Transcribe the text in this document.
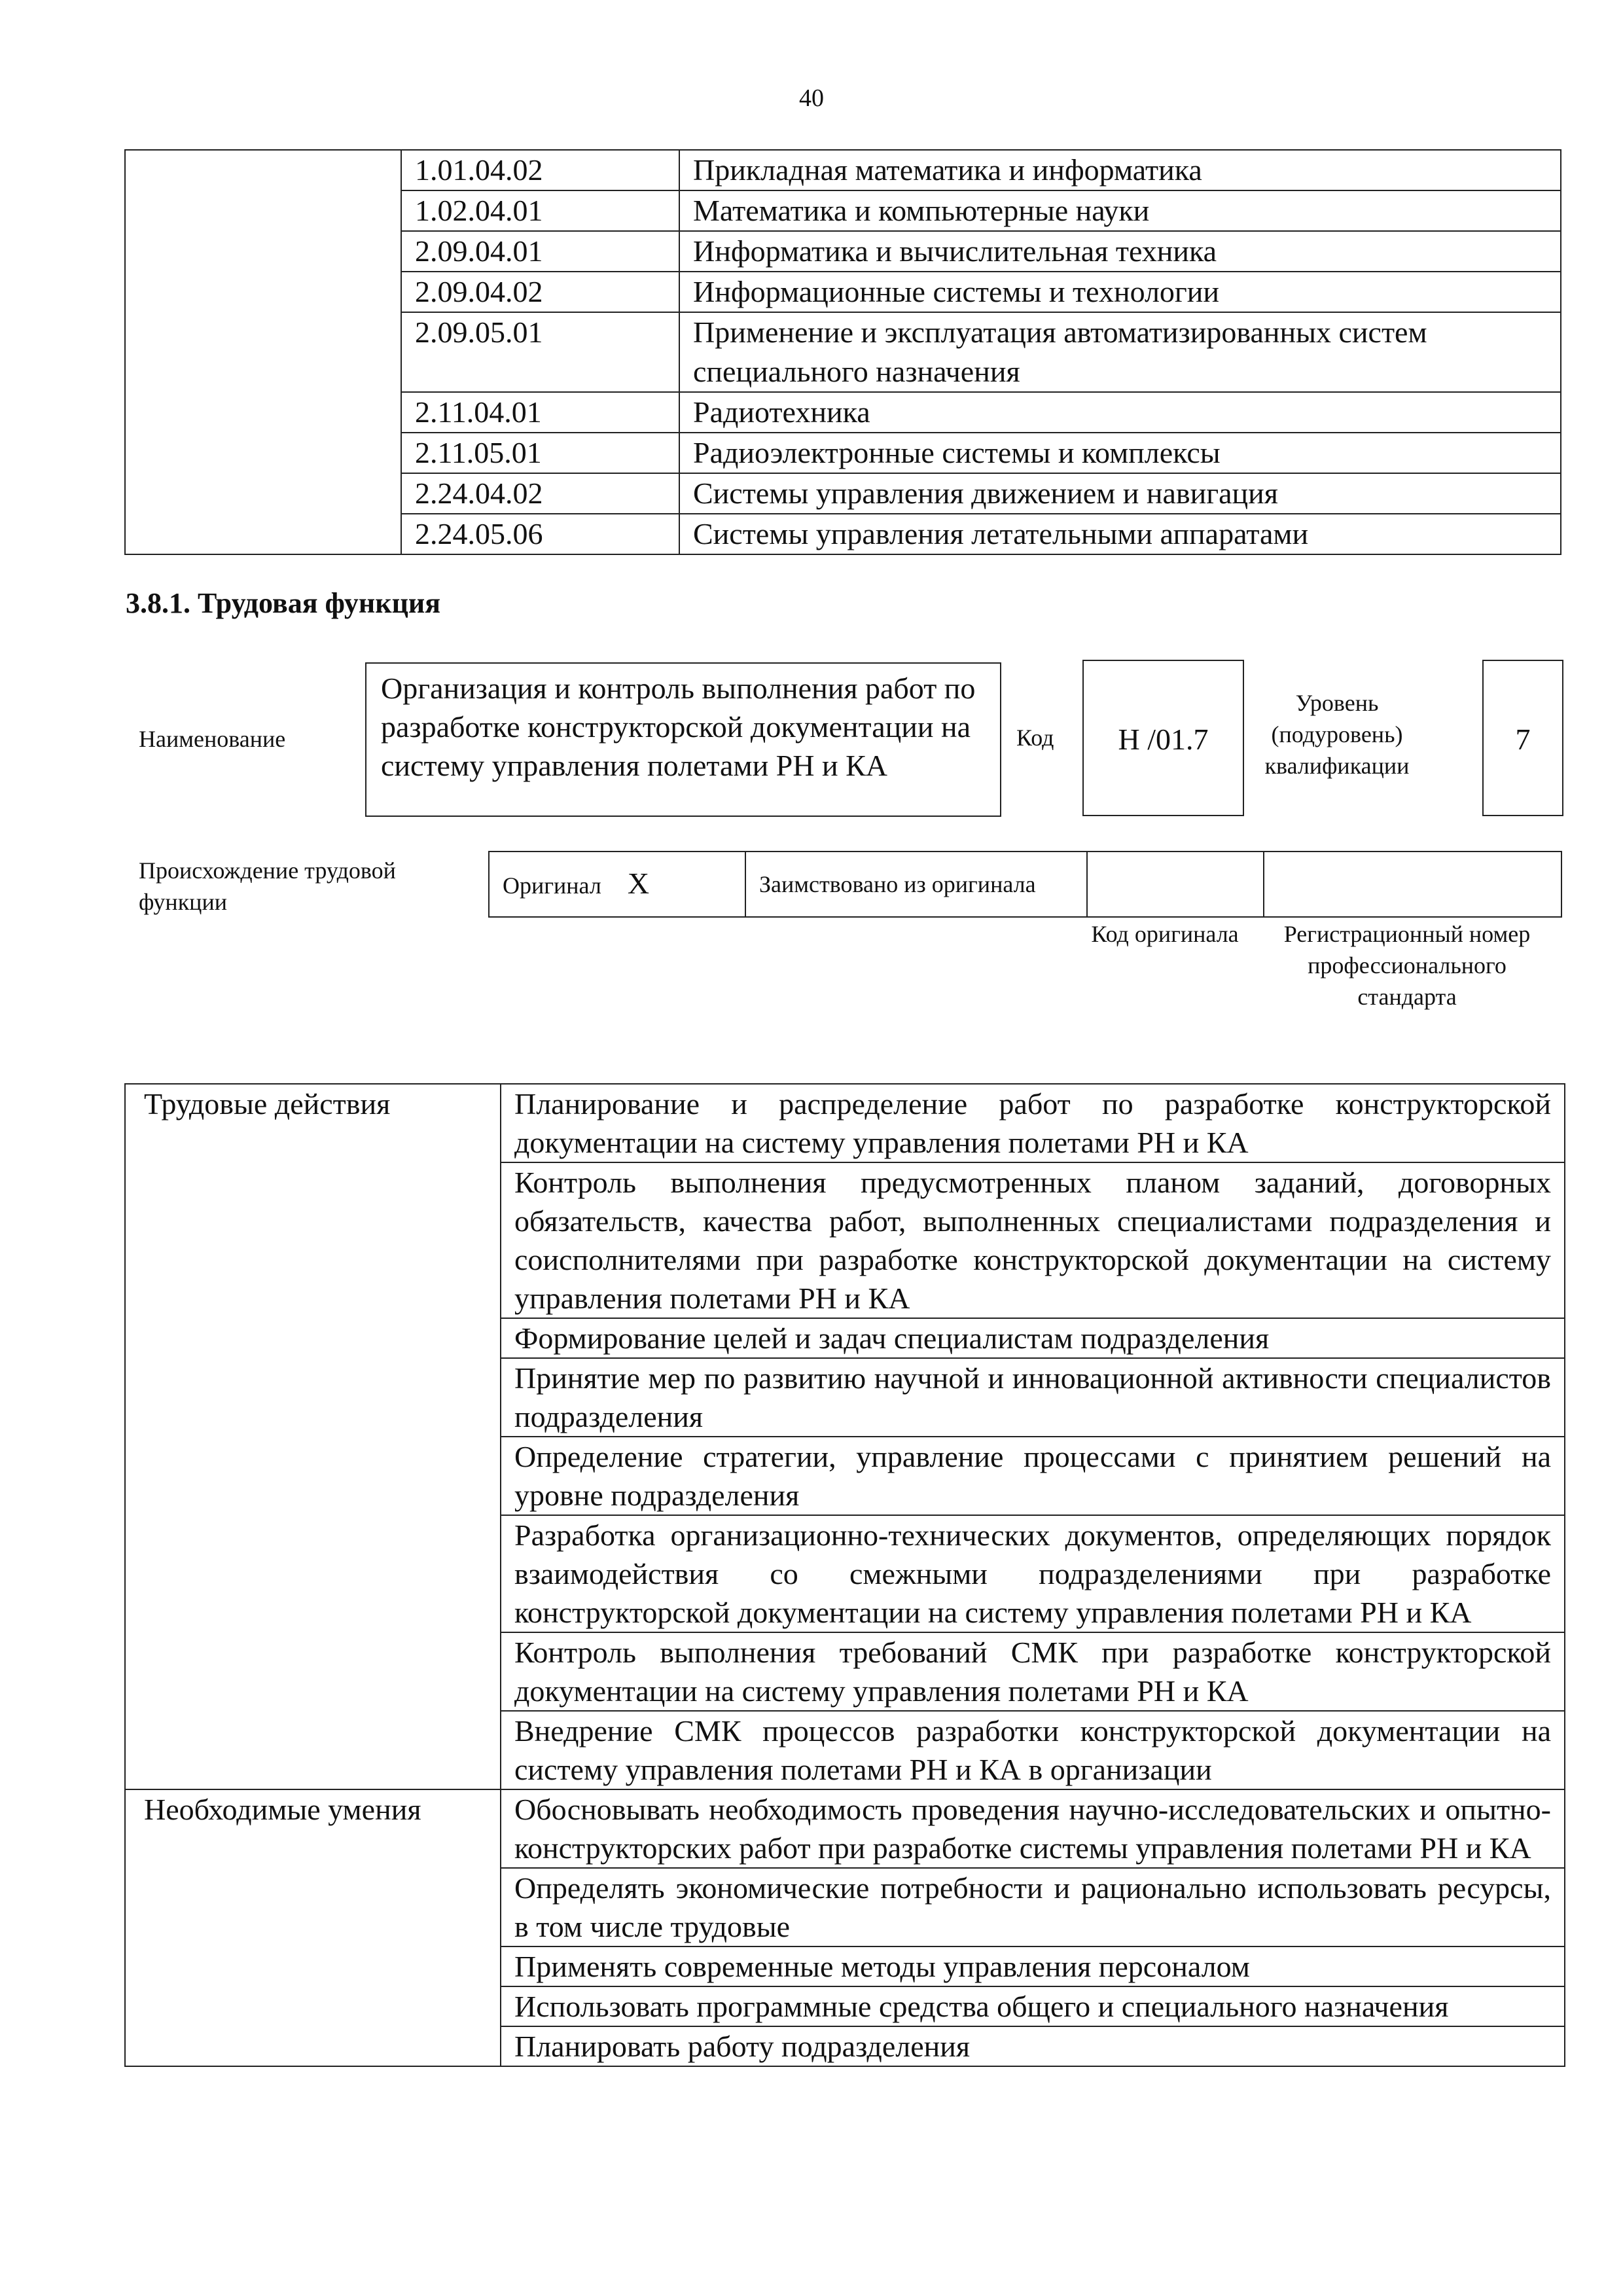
40
	1.01.04.02	Прикладная математика и информатика
	1.02.04.01	Математика и компьютерные науки
	2.09.04.01	Информатика и вычислительная техника
	2.09.04.02	Информационные системы и технологии
	2.09.05.01	Применение и эксплуатация автоматизированных систем специального назначения
	2.11.04.01	Радиотехника
	2.11.05.01	Радиоэлектронные системы и комплексы
	2.24.04.02	Системы управления движением и навигация
	2.24.05.06	Системы управления летательными аппаратами
3.8.1. Трудовая функция
Наименование
Организация и контроль выполнения работ по разработке конструкторской документации на систему управления полетами РН и КА
Код	Н /01.7
Уровень (подуровень) квалификации
7
Происхождение трудовой функции
Оригинал X	Заимствовано из оригинала		
Код оригинала Регистрационный номер профессионального стандарта
Трудовые действия	Планирование и распределение работ по разработке конструкторской документации на систему управления полетами РН и КА
	Контроль выполнения предусмотренных планом заданий, договорных обязательств, качества работ, выполненных специалистами подразделения и соисполнителями при разработке конструкторской документации на систему управления полетами РН и КА
	Формирование целей и задач специалистам подразделения
	Принятие мер по развитию научной и инновационной активности специалистов подразделения
	Определение стратегии, управление процессами с принятием решений на уровне подразделения
	Разработка организационно-технических документов, определяющих порядок взаимодействия со смежными подразделениями при разработке конструкторской документации на систему управления полетами РН и КА
	Контроль выполнения требований СМК при разработке конструкторской документации на систему управления полетами РН и КА
	Внедрение СМК процессов разработки конструкторской документации на систему управления полетами РН и КА в организации
Необходимые умения	Обосновывать необходимость проведения научно-исследовательских и опытно-конструкторских работ при разработке системы управления полетами РН и КА
	Определять экономические потребности и рационально использовать ресурсы, в том числе трудовые
	Применять современные методы управления персоналом
	Использовать программные средства общего и специального назначения
	Планировать работу подразделения
